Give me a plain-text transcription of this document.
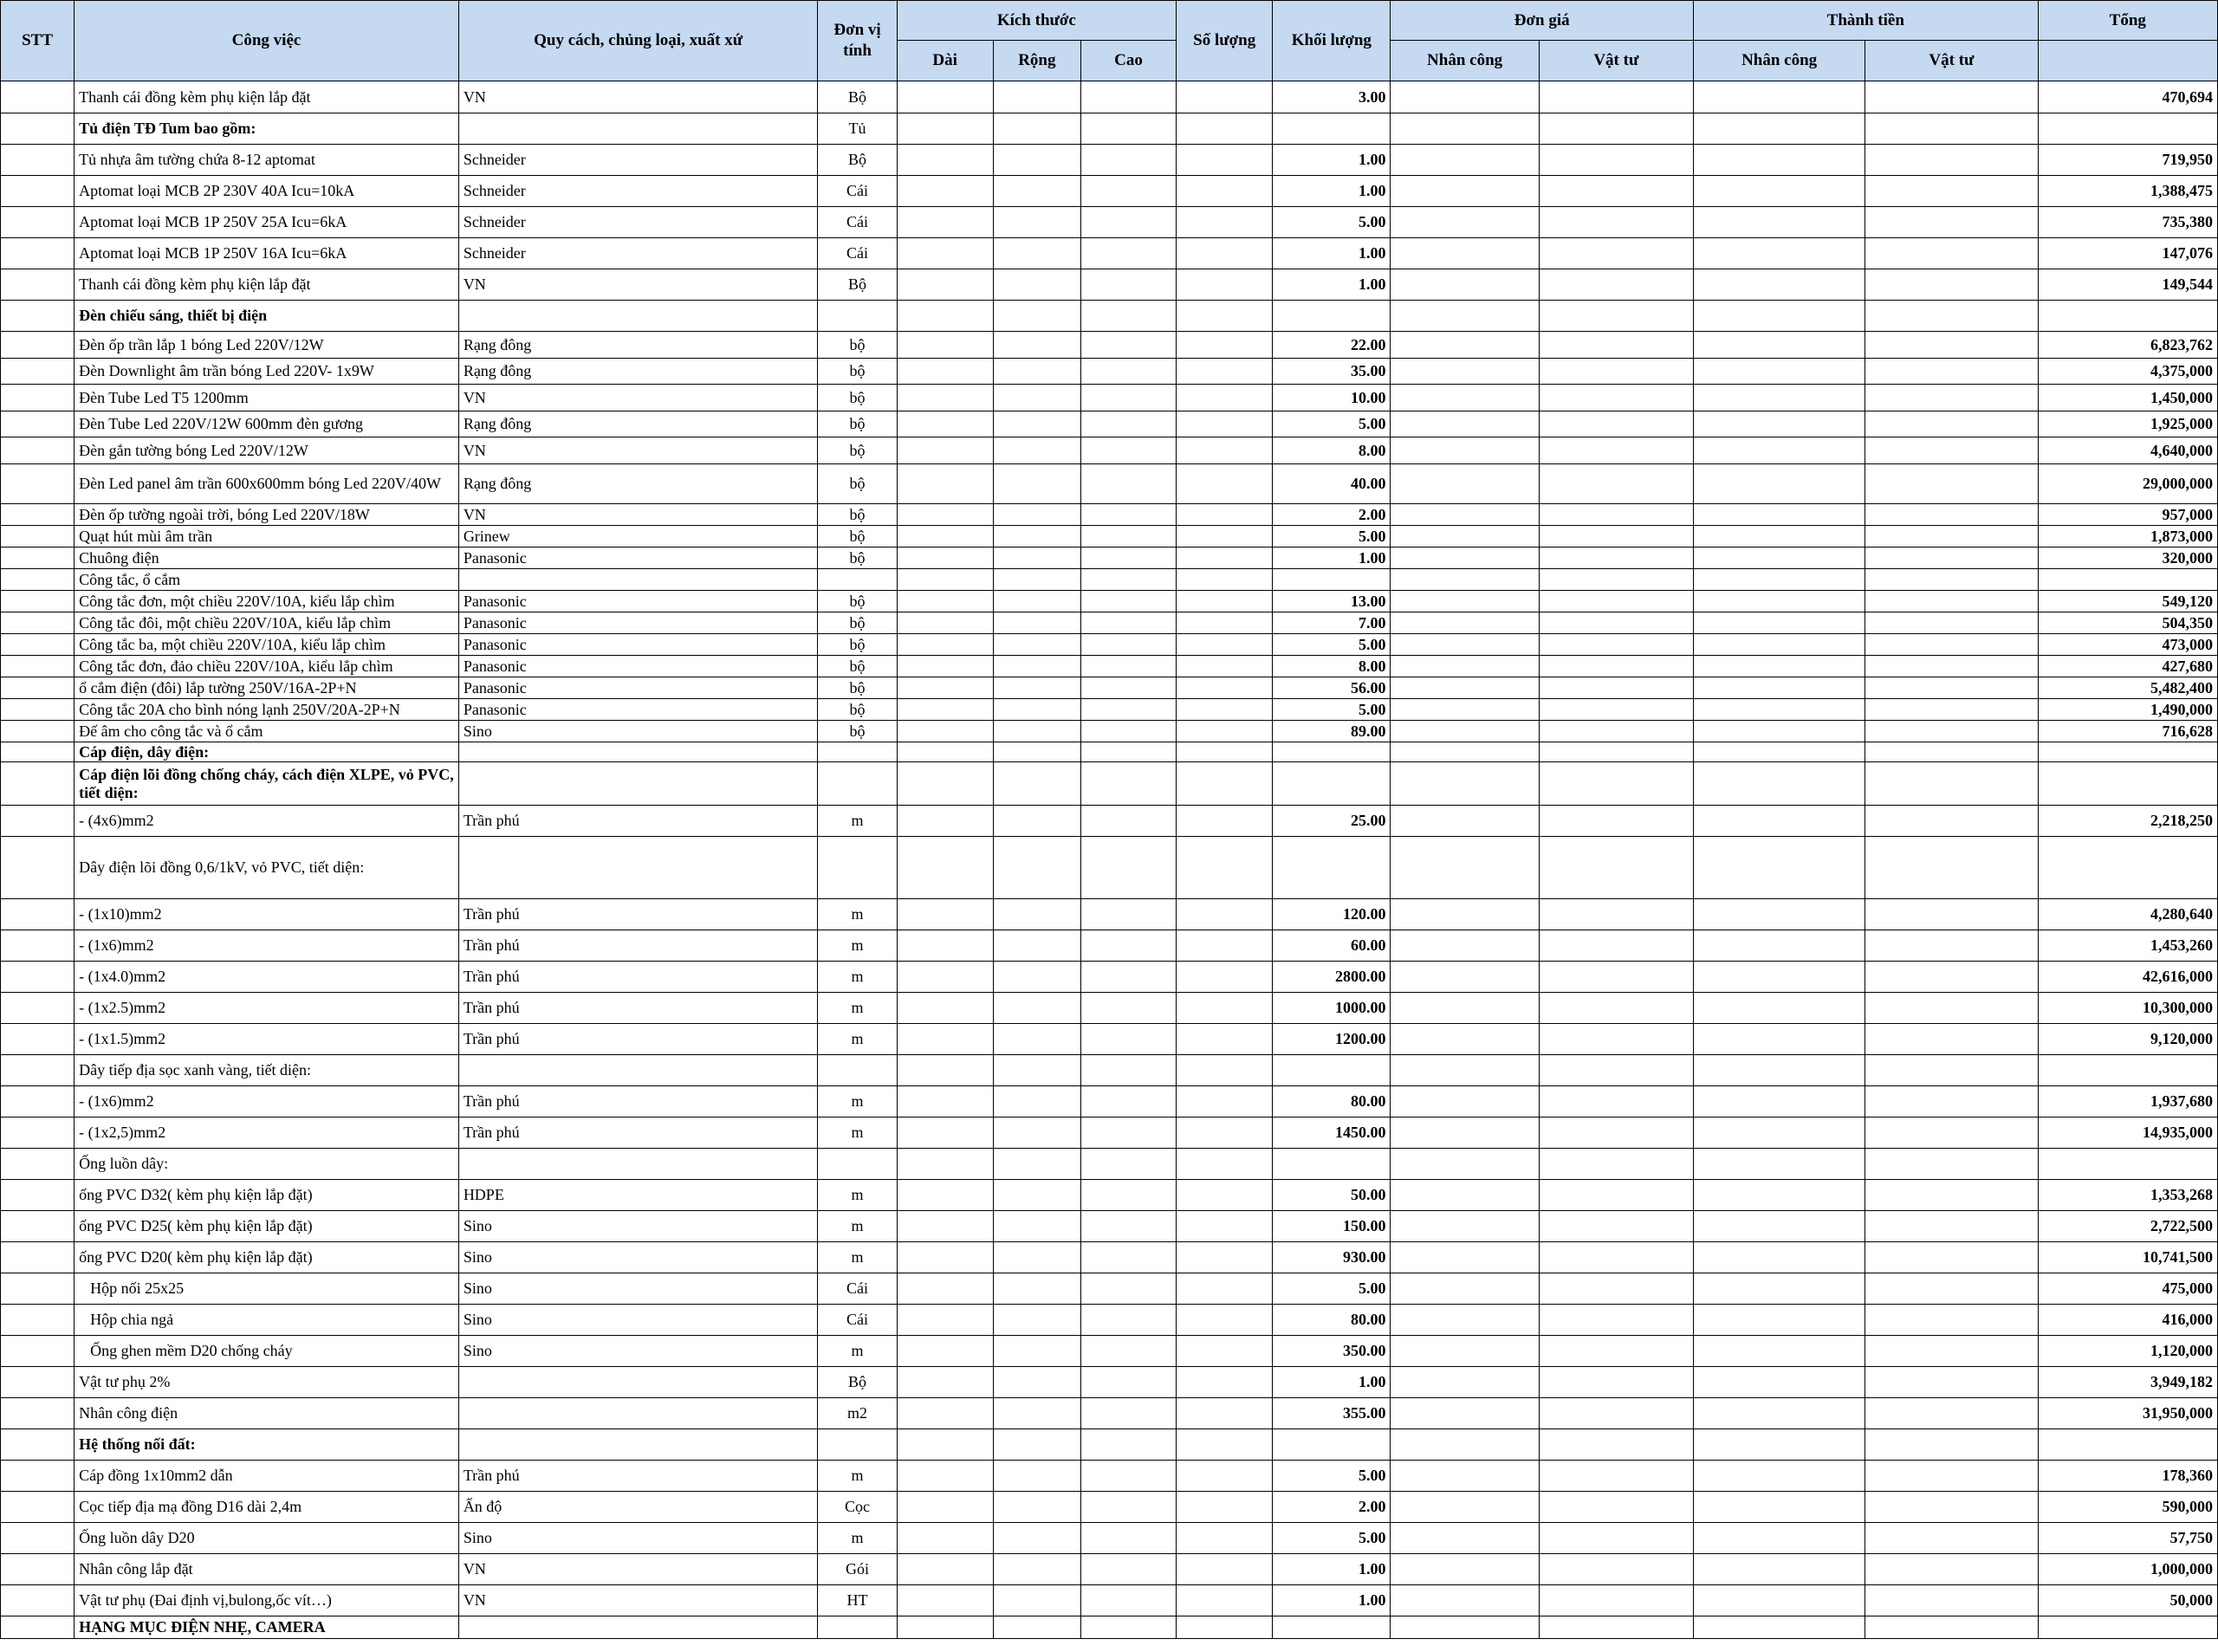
STT	Công việc	Quy cách, chủng loại, xuất xứ	Đơn vị tính	Kích thước			Số lượng	Khối lượng	Đơn giá		Thành tiền		Tổng
				Dài	Rộng	Cao			Nhân công	Vật tư	Nhân công	Vật tư	
	Thanh cái đồng kèm phụ kiện lắp đặt	VN	Bộ					3.00					470,694
	Tủ điện TĐ Tum bao gồm:		Tủ										
	Tủ nhựa âm tường chứa 8-12 aptomat	Schneider	Bộ					1.00					719,950
	Aptomat loại MCB 2P 230V 40A Icu=10kA	Schneider	Cái					1.00					1,388,475
	Aptomat loại MCB 1P 250V 25A Icu=6kA	Schneider	Cái					5.00					735,380
	Aptomat loại MCB 1P 250V 16A Icu=6kA	Schneider	Cái					1.00					147,076
	Thanh cái đồng kèm phụ kiện lắp đặt	VN	Bộ					1.00					149,544
	Đèn chiếu sáng, thiết bị điện												
	Đèn ốp trần lắp 1 bóng Led 220V/12W	Rạng đông	bộ					22.00					6,823,762
	Đèn Downlight âm trần bóng Led 220V- 1x9W	Rạng đông	bộ					35.00					4,375,000
	Đèn Tube Led T5 1200mm	VN	bộ					10.00					1,450,000
	Đèn Tube Led 220V/12W 600mm đèn gương	Rạng đông	bộ					5.00					1,925,000
	Đèn gắn tường bóng Led 220V/12W	VN	bộ					8.00					4,640,000
	Đèn Led panel âm trần 600x600mm bóng Led 220V/40W	Rạng đông	bộ					40.00					29,000,000
	Đèn ốp tường ngoài trời, bóng Led 220V/18W	VN	bộ					2.00					957,000
	Quạt hút mùi âm trần	Grinew	bộ					5.00					1,873,000
	Chuông điện	Panasonic	bộ					1.00					320,000
	Công tắc, ổ cắm												
	Công tắc đơn, một chiều 220V/10A, kiểu lắp chìm	Panasonic	bộ					13.00					549,120
	Công tắc đôi, một chiều 220V/10A, kiểu lắp chìm	Panasonic	bộ					7.00					504,350
	Công tắc ba, một chiều 220V/10A, kiểu lắp chìm	Panasonic	bộ					5.00					473,000
	Công tắc đơn, đảo chiều 220V/10A, kiểu lắp chìm	Panasonic	bộ					8.00					427,680
	ổ cắm điện (đôi) lắp tường 250V/16A-2P+N	Panasonic	bộ					56.00					5,482,400
	Công tắc 20A cho bình nóng lạnh 250V/20A-2P+N	Panasonic	bộ					5.00					1,490,000
	Đế âm cho công tắc và ổ cắm	Sino	bộ					89.00					716,628
	Cáp điện, dây điện:												
	Cáp điện lõi đồng chống cháy, cách điện XLPE, vỏ PVC, tiết diện:												
	- (4x6)mm2	Trần phú	m					25.00					2,218,250
	Dây điện lõi đồng 0,6/1kV, vỏ PVC, tiết diện:												
	- (1x10)mm2	Trần phú	m					120.00					4,280,640
	- (1x6)mm2	Trần phú	m					60.00					1,453,260
	- (1x4.0)mm2	Trần phú	m					2800.00					42,616,000
	- (1x2.5)mm2	Trần phú	m					1000.00					10,300,000
	- (1x1.5)mm2	Trần phú	m					1200.00					9,120,000
	Dây tiếp địa sọc xanh vàng, tiết diện:												
	- (1x6)mm2	Trần phú	m					80.00					1,937,680
	- (1x2,5)mm2	Trần phú	m					1450.00					14,935,000
	Ống luồn dây:												
	ống PVC D32( kèm phụ kiện lắp đặt)	HDPE	m					50.00					1,353,268
	ống PVC D25( kèm phụ kiện lắp đặt)	Sino	m					150.00					2,722,500
	ống PVC D20( kèm phụ kiện lắp đặt)	Sino	m					930.00					10,741,500
	Hộp nối 25x25	Sino	Cái					5.00					475,000
	Hộp chia ngả	Sino	Cái					80.00					416,000
	Ống ghen mềm D20 chống cháy	Sino	m					350.00					1,120,000
	Vật tư phụ 2%		Bộ					1.00					3,949,182
	Nhân công điện		m2					355.00					31,950,000
	Hệ thống nối đất:												
	Cáp đồng 1x10mm2 dẫn	Trần phú	m					5.00					178,360
	Cọc tiếp địa mạ đồng D16 dài 2,4m	Ấn độ	Cọc					2.00					590,000
	Ống luồn dây D20	Sino	m					5.00					57,750
	Nhân công lắp đặt	VN	Gói					1.00					1,000,000
	Vật tư phụ (Đai định vị,bulong,ốc vít…)	VN	HT					1.00					50,000
	HẠNG MỤC ĐIỆN NHẸ, CAMERA												
